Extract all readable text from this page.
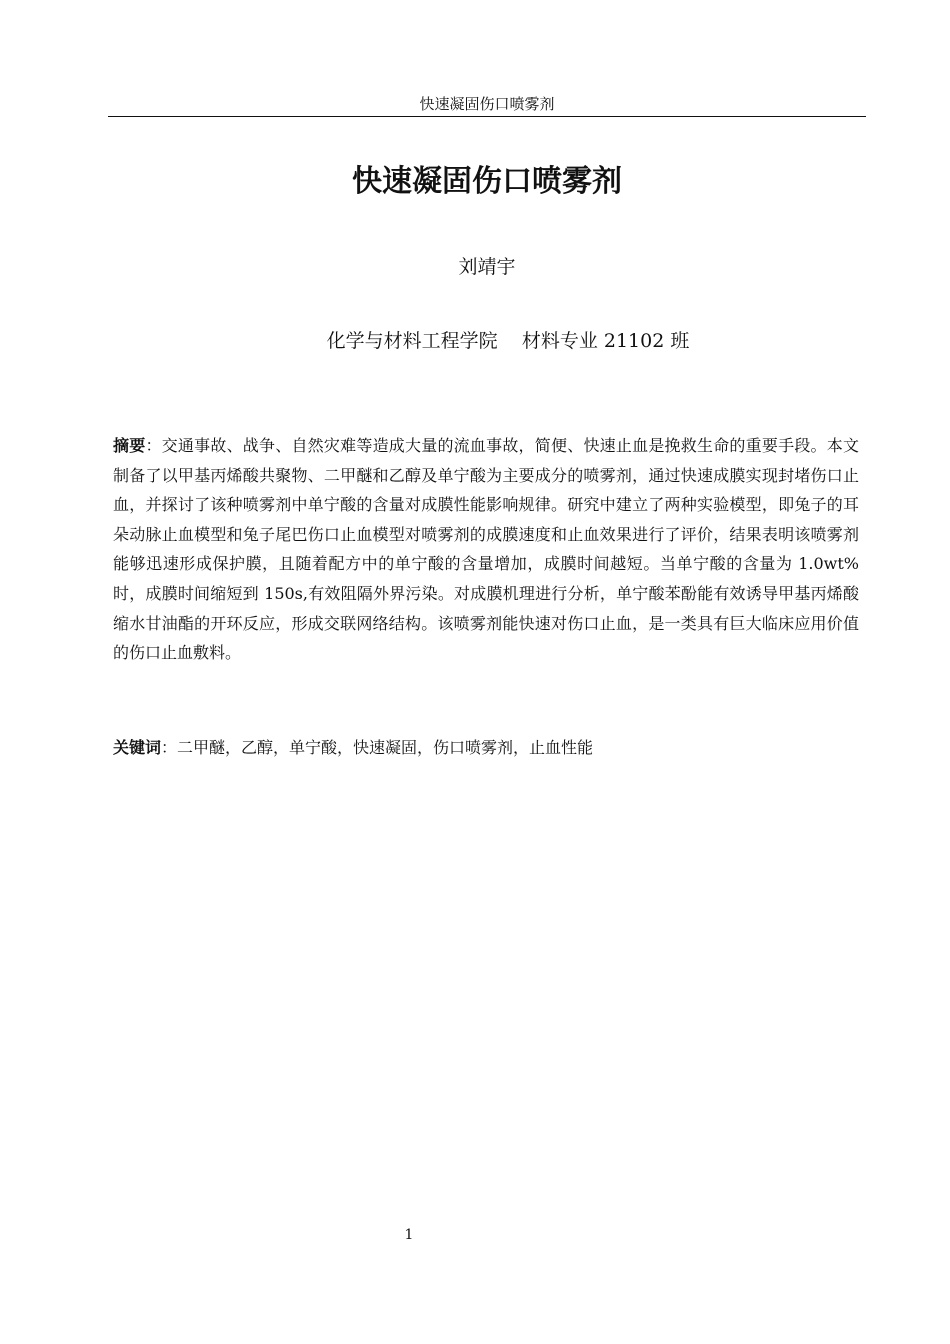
快速凝固伤口喷雾剂
快速凝固伤口喷雾剂
刘靖宇
化学与材料工程学院    材料专业 21102 班

摘要：交通事故、战争、自然灾难等造成大量的流血事故，简便、快速止血是挽救生命的重要手段。本文制备了以甲基丙烯酸共聚物、二甲醚和乙醇及单宁酸为主要成分的喷雾剂，通过快速成膜实现封堵伤口止血，并探讨了该种喷雾剂中单宁酸的含量对成膜性能影响规律。研究中建立了两种实验模型，即兔子的耳朵动脉止血模型和兔子尾巴伤口止血模型对喷雾剂的成膜速度和止血效果进行了评价，结果表明该喷雾剂能够迅速形成保护膜，且随着配方中的单宁酸的含量增加，成膜时间越短。当单宁酸的含量为 1.0wt%时，成膜时间缩短到 150s,有效阻隔外界污染。对成膜机理进行分析，单宁酸苯酚能有效诱导甲基丙烯酸缩水甘油酯的开环反应，形成交联网络结构。该喷雾剂能快速对伤口止血，是一类具有巨大临床应用价值的伤口止血敷料。

关键词：二甲醚，乙醇，单宁酸，快速凝固，伤口喷雾剂，止血性能

1
